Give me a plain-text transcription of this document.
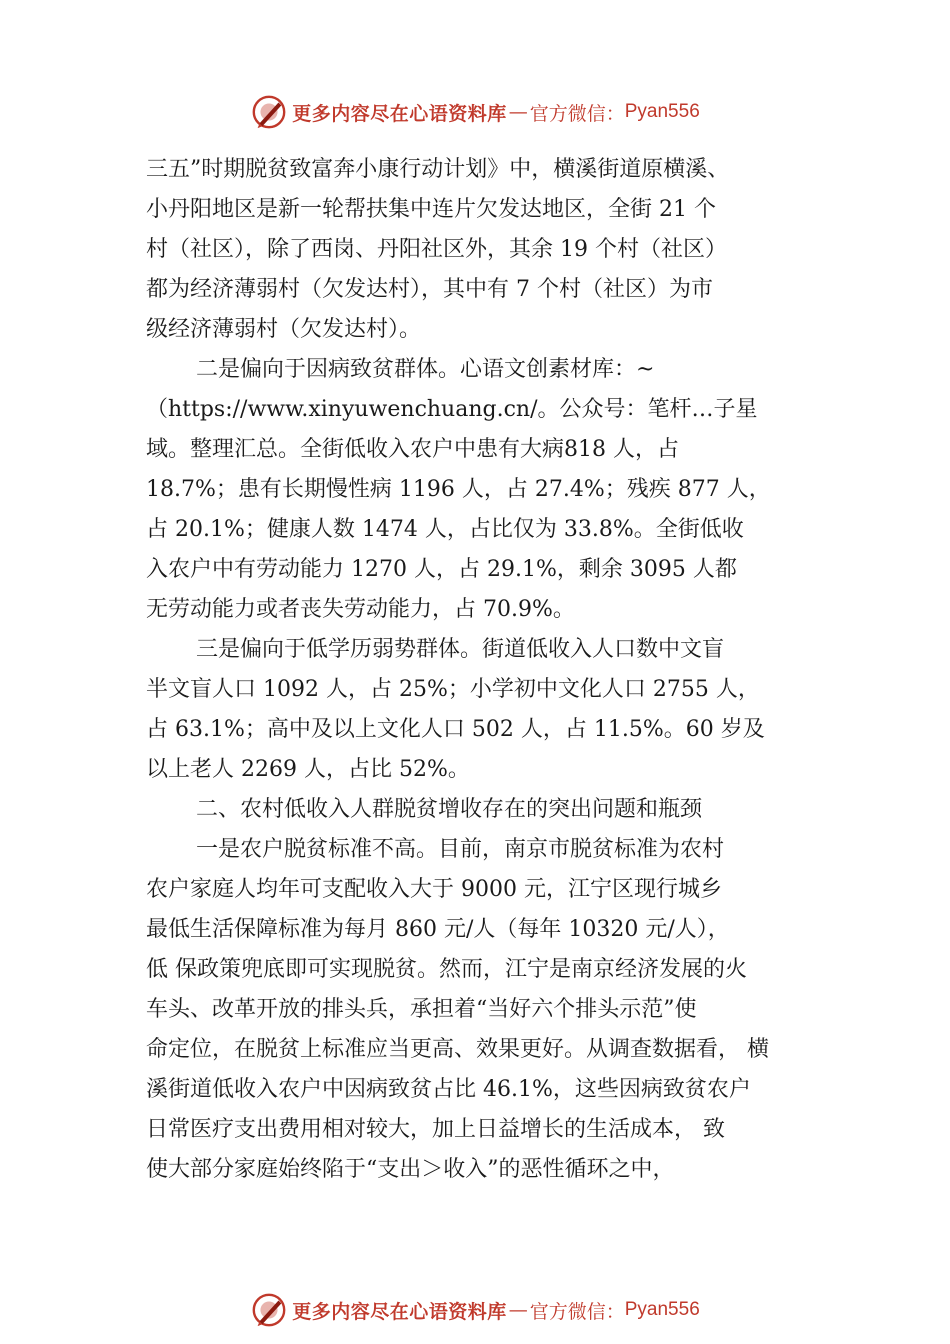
更多内容尽在心语资料库 — 官方微信： Pyan556
三五”时期脱贫致富奔小康行动计划》中，横溪街道原横溪、
小丹阳地区是新一轮帮扶集中连片欠发达地区，全街 21 个
村（社区），除了西岗、丹阳社区外，其余 19 个村（社区）
都为经济薄弱村（欠发达村），其中有 7 个村（社区）为市
级经济薄弱村（欠发达村）。
二是偏向于因病致贫群体。心语文创素材库：~
（https://www.xinyuwenchuang.cn/。公众号：笔杆…子星
域。整理汇总。全街低收入农户中患有大病818 人，占
18.7%；患有长期慢性病 1196 人，占 27.4%；残疾 877 人，
占 20.1%；健康人数 1474 人，占比仅为 33.8%。全街低收
入农户中有劳动能力 1270 人，占 29.1%，剩余 3095 人都
无劳动能力或者丧失劳动能力，占 70.9%。
三是偏向于低学历弱势群体。街道低收入人口数中文盲
半文盲人口 1092 人，占 25%；小学初中文化人口 2755 人，
占 63.1%；高中及以上文化人口 502 人，占 11.5%。60 岁及
以上老人 2269 人，占比 52%。
二、农村低收入人群脱贫增收存在的突出问题和瓶颈
一是农户脱贫标准不高。目前，南京市脱贫标准为农村
农户家庭人均年可支配收入大于 9000 元，江宁区现行城乡
最低生活保障标准为每月 860 元/人（每年 10320 元/人），
低 保政策兜底即可实现脱贫。然而，江宁是南京经济发展的火
车头、改革开放的排头兵，承担着“当好六个排头示范”使
命定位，在脱贫上标准应当更高、效果更好。从调查数据看， 横
溪街道低收入农户中因病致贫占比 46.1%，这些因病致贫农户
日常医疗支出费用相对较大，加上日益增长的生活成本， 致
使大部分家庭始终陷于“支出＞收入”的恶性循环之中，
更多内容尽在心语资料库 — 官方微信： Pyan556
